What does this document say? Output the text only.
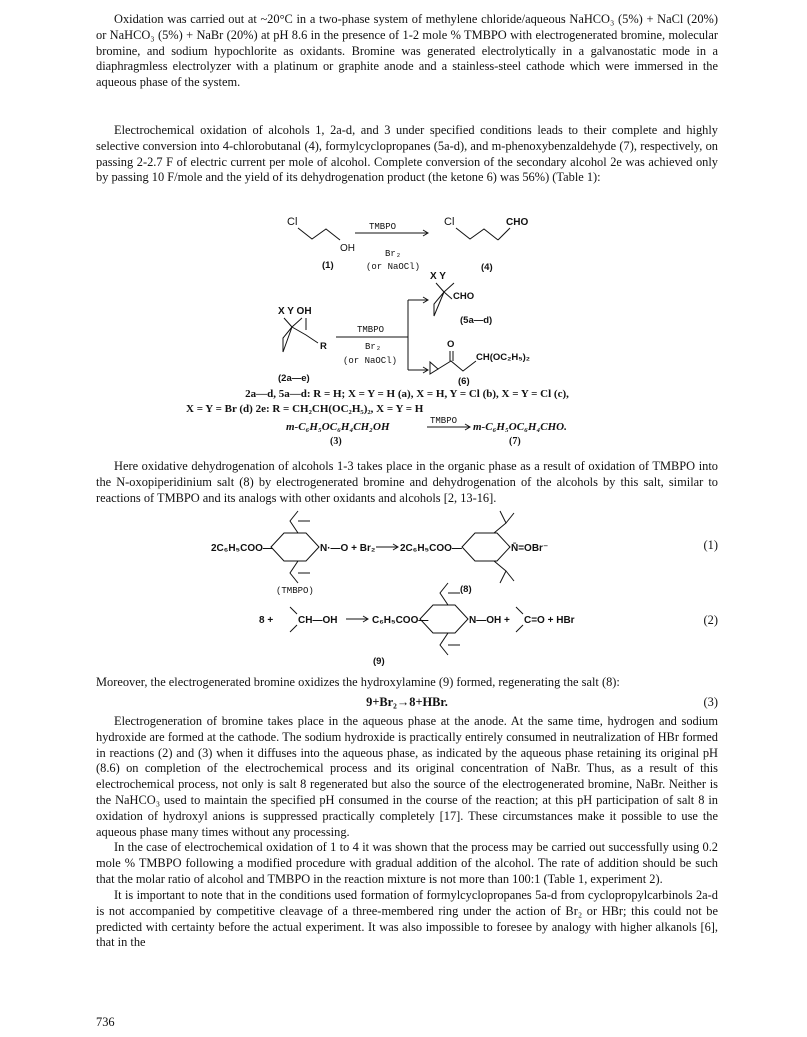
Oxidation was carried out at ~20°C in a two-phase system of methylene chloride/aqueous NaHCO₃ (5%) + NaCl (20%) or NaHCO₃ (5%) + NaBr (20%) at pH 8.6 in the presence of 1-2 mole % TMBPO with electrogenerated bromine, molecular bromine, and sodium hypochlorite as oxidants. Bromine was generated electrolytically in a galvanostatic mode in a diaphragmless electrolyzer with a platinum or graphite anode and a stainless-steel cathode which were immersed in the aqueous phase of the system.

Electrochemical oxidation of alcohols 1, 2a-d, and 3 under specified conditions leads to their complete and highly selective conversion into 4-chlorobutanal (4), formylcyclopropanes (5a-d), and m-phenoxybenzaldehyde (7), respectively, on passing 2-2.7 F of electric current per mole of alcohol. Complete conversion of the secondary alcohol 2e was achieved only by passing 10 F/mole and the yield of its dehydrogenation product (the ketone 6) was 56%) (Table 1):

Cl
OH
TMBPO
Br₂
(or NaOCl)
(1)
Cl	CHO
(4)
X Y
CHO
(5a—d)
X Y OH
R
(2a—e)
TMBPO
Br₂
(or NaOCl)
O
CH(OC₂H₅)₂
(6)
TMBPO
2C₆H₅COO—	N·—O + Br₂ 2C₆H₅COO—	N̄=OBr⁻
(TMBPO)	(8)
8 + CH—OH	C₆H₅COO—	N—OH + C=O + HBr
(9)
2a—d, 5a—d: R = H; X = Y = H (a), X = H, Y = Cl (b), X = Y = Cl (c),
X = Y = Br (d) 2e: R = CH₂CH(OC₂H₅)₂, X = Y = H
m-C₆H₅OC₆H₄CH₂OH	m-C₆H₅OC₆H₄CHO.
(3)	(7)

Here oxidative dehydrogenation of alcohols 1-3 takes place in the organic phase as a result of oxidation of TMBPO into the N-oxopiperidinium salt (8) by electrogenerated bromine and dehydrogenation of the alcohols by this salt, similar to reactions of TMBPO and its analogs with other oxidants and alcohols [2, 13-16].

(1)
(2)

Moreover, the electrogenerated bromine oxidizes the hydroxylamine (9) formed, regenerating the salt (8):

9+Br₂→8+HBr.	(3)

Electrogeneration of bromine takes place in the aqueous phase at the anode. At the same time, hydrogen and sodium hydroxide are formed at the cathode. The sodium hydroxide is practically entirely consumed in neutralization of HBr formed in reactions (2) and (3) when it diffuses into the aqueous phase, as indicated by the aqueous phase retaining its original pH (8.6) on completion of the electrochemical process and its original concentration of NaBr. Thus, as a result of this electrochemical process, not only is salt 8 regenerated but also the source of the electrogenerated bromine, NaBr. Neither is the NaHCO₃ used to maintain the specified pH consumed in the course of the reaction; at this pH participation of salt 8 in oxidation of hydroxyl anions is suppressed practically completely [17]. These circumstances make it possible to use the aqueous phase many times without any processing.

In the case of electrochemical oxidation of 1 to 4 it was shown that the process may be carried out successfully using 0.2 mole % TMBPO following a modified procedure with gradual addition of the alcohol. The rate of addition should be such that the molar ratio of alcohol and TMBPO in the reaction mixture is not more than 100:1 (Table 1, experiment 2).

It is important to note that in the conditions used formation of formylcyclopropanes 5a-d from cyclopropylcarbinols 2a-d is not accompanied by competitive cleavage of a three-membered ring under the action of Br₂ or HBr; this could not be predicted with certainty before the actual experiment. It was also impossible to foresee by analogy with higher alkanols [6], that in the

736
